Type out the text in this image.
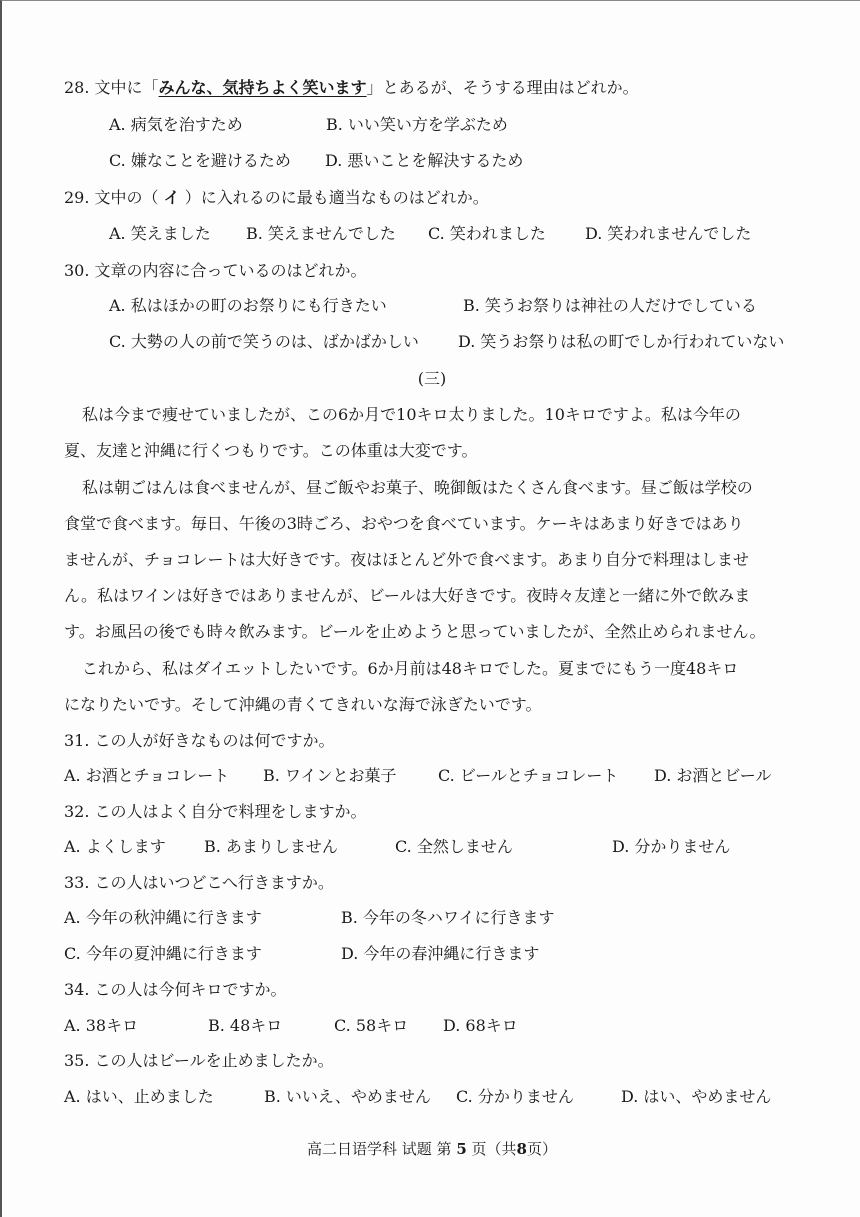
28. 文中に「みんな、気持ちよく笑います」とあるが、そうする理由はどれか。
A. 病気を治すため	B. いい笑い方を学ぶため
C. 嫌なことを避けるため D. 悪いことを解決するため
29. 文中の（ イ ）に入れるのに最も適当なものはどれか。
A. 笑えました B. 笑えませんでした C. 笑われました D. 笑われませんでした
30. 文章の内容に合っているのはどれか。
A. 私はほかの町のお祭りにも行きたい	B. 笑うお祭りは神社の人だけでしている
C. 大勢の人の前で笑うのは、ばかばかしい D. 笑うお祭りは私の町でしか行われていない
(三)
私は今まで痩せていましたが、この6か月で10キロ太りました。10キロですよ。私は今年の
夏、友達と沖縄に行くつもりです。この体重は大変です。
私は朝ごはんは食べませんが、昼ご飯やお菓子、晩御飯はたくさん食べます。昼ご飯は学校の
食堂で食べます。毎日、午後の3時ごろ、おやつを食べています。ケーキはあまり好きではあり
ませんが、チョコレートは大好きです。夜はほとんど外で食べます。あまり自分で料理はしませ
ん。私はワインは好きではありませんが、ビールは大好きです。夜時々友達と一緒に外で飲みま
す。お風呂の後でも時々飲みます。ビールを止めようと思っていましたが、全然止められません。
これから、私はダイエットしたいです。6か月前は48キロでした。夏までにもう一度48キロ
になりたいです。そして沖縄の青くてきれいな海で泳ぎたいです。
31. この人が好きなものは何ですか。
A. お酒とチョコレート B. ワインとお菓子	C. ビールとチョコレート D. お酒とビール
32. この人はよく自分で料理をしますか。
A. よくします B. あまりしません	C. 全然しません	D. 分かりません
33. この人はいつどこへ行きますか。
A. 今年の秋沖縄に行きます	B. 今年の冬ハワイに行きます
C. 今年の夏沖縄に行きます	D. 今年の春沖縄に行きます
34. この人は今何キロですか。
A. 38キロ	B. 48キロ	C. 58キロ D. 68キロ
35. この人はビールを止めましたか。
A. はい、止めました	B. いいえ、やめません C. 分かりません	D. はい、やめません
高二日语学科 试题 第 5 页（共8页）
